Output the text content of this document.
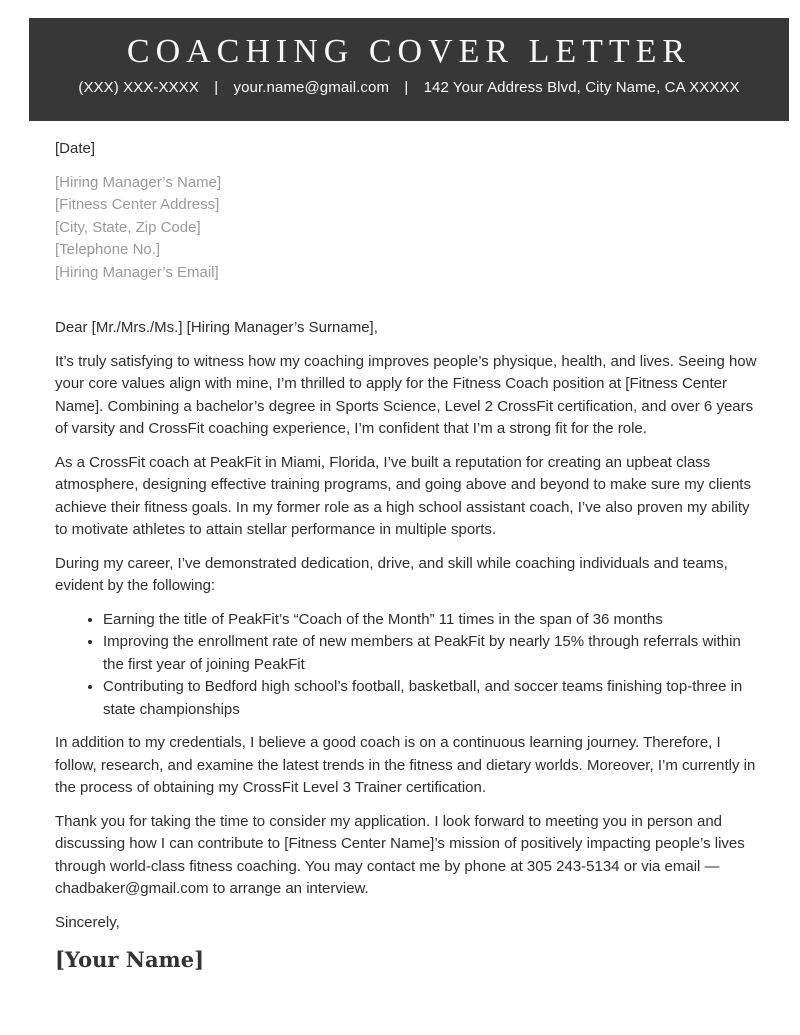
COACHING COVER LETTER
(XXX) XXX-XXXX | your.name@gmail.com | 142 Your Address Blvd, City Name, CA XXXXX

[Date]

[Hiring Manager’s Name]

[Fitness Center Address]

[City, State, Zip Code]

[Telephone No.]

[Hiring Manager’s Email]

Dear [Mr./Mrs./Ms.] [Hiring Manager’s Surname],

It’s truly satisfying to witness how my coaching improves people’s physique, health, and lives. Seeing how your core values align with mine, I’m thrilled to apply for the Fitness Coach position at [Fitness Center Name]. Combining a bachelor’s degree in Sports Science, Level 2 CrossFit certification, and over 6 years of varsity and CrossFit coaching experience, I’m confident that I’m a strong fit for the role.

As a CrossFit coach at PeakFit in Miami, Florida, I’ve built a reputation for creating an upbeat class atmosphere, designing effective training programs, and going above and beyond to make sure my clients achieve their fitness goals. In my former role as a high school assistant coach, I’ve also proven my ability to motivate athletes to attain stellar performance in multiple sports.

During my career, I’ve demonstrated dedication, drive, and skill while coaching individuals and teams, evident by the following:

• Earning the title of PeakFit’s “Coach of the Month” 11 times in the span of 36 months
• Improving the enrollment rate of new members at PeakFit by nearly 15% through referrals within the first year of joining PeakFit
• Contributing to Bedford high school’s football, basketball, and soccer teams finishing top-three in state championships

In addition to my credentials, I believe a good coach is on a continuous learning journey. Therefore, I follow, research, and examine the latest trends in the fitness and dietary worlds. Moreover, I’m currently in the process of obtaining my CrossFit Level 3 Trainer certification.

Thank you for taking the time to consider my application. I look forward to meeting you in person and discussing how I can contribute to [Fitness Center Name]’s mission of positively impacting people’s lives through world-class fitness coaching. You may contact me by phone at 305 243-5134 or via email — chadbaker@gmail.com to arrange an interview.

Sincerely,

[Your Name]
